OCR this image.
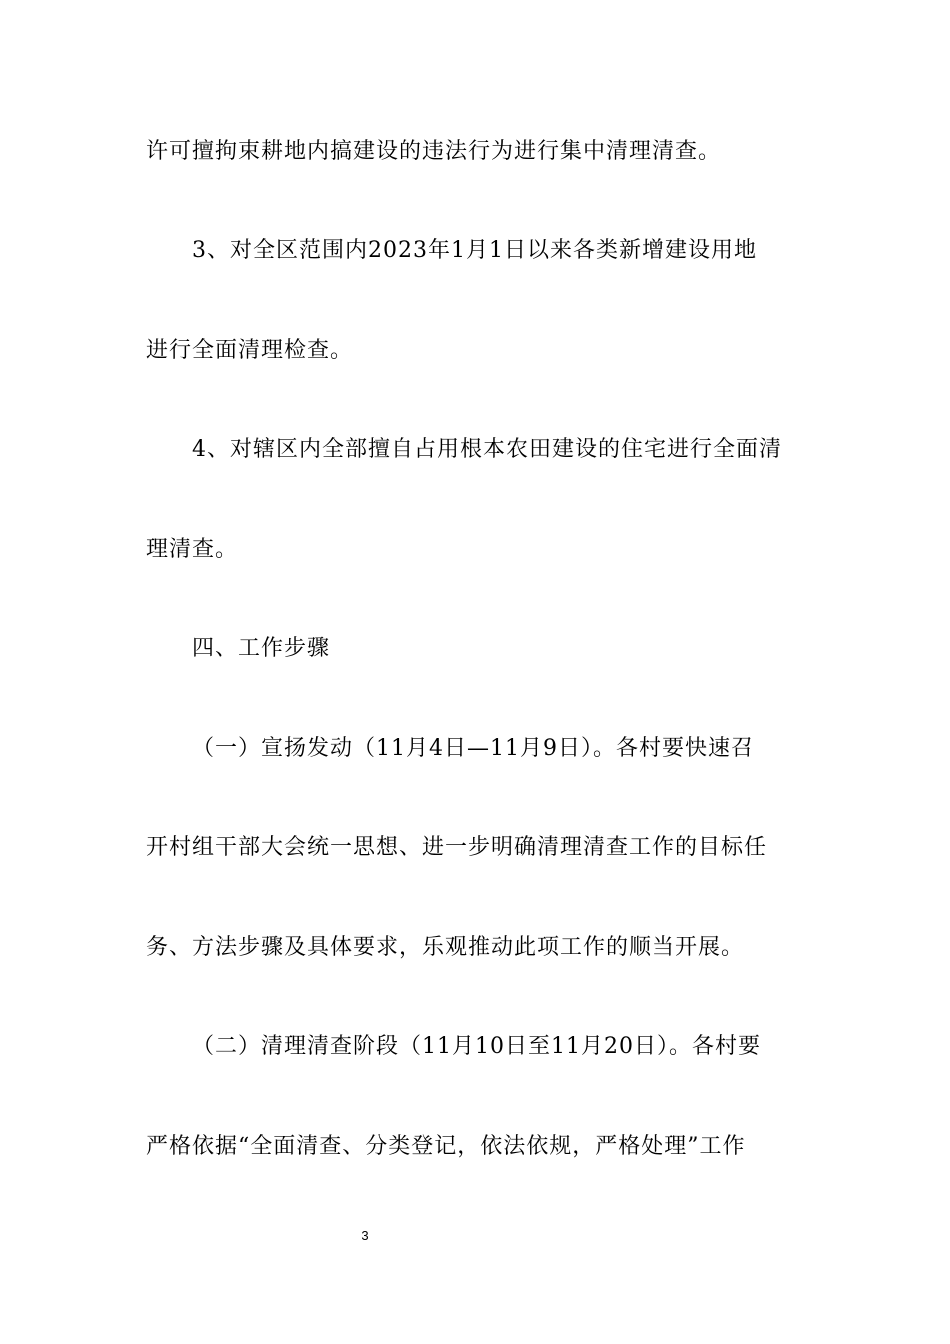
许可擅拘束耕地内搞建设的违法行为进行集中清理清查。
3、对全区范围内2023年1月1日以来各类新增建设用地
进行全面清理检查。
4、对辖区内全部擅自占用根本农田建设的住宅进行全面清
理清查。
四、工作步骤
（一）宣扬发动（11月4日—11月9日）。各村要快速召
开村组干部大会统一思想、进一步明确清理清查工作的目标任
务、方法步骤及具体要求，乐观推动此项工作的顺当开展。
（二）清理清查阶段（11月10日至11月20日）。各村要
严格依据“全面清查、分类登记，依法依规，严格处理”工作
3
